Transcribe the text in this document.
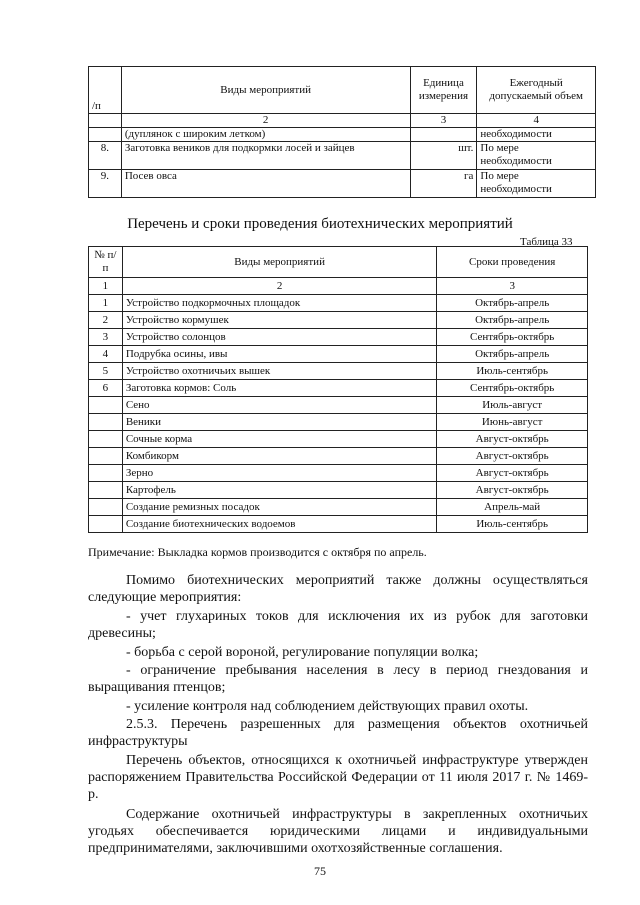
/п	Виды мероприятий	Единица измерения	Ежегодный допускаемый объем
	2	3	4
	(дуплянок с широким летком)		необходимости
8.	Заготовка веников для подкормки лосей и зайцев	шт.	По мере необходимости
9.	Посев овса	га	По мере необходимости
Перечень и сроки проведения биотехнических мероприятий
Таблица 33
№ п/п	Виды мероприятий	Сроки проведения
1	2	3
1	Устройство подкормочных площадок	Октябрь-апрель
2	Устройство кормушек	Октябрь-апрель
3	Устройство солонцов	Сентябрь-октябрь
4	Подрубка осины, ивы	Октябрь-апрель
5	Устройство охотничьих вышек	Июль-сентябрь
6	Заготовка кормов: Соль	Сентябрь-октябрь
	Сено	Июль-август
	Веники	Июнь-август
	Сочные корма	Август-октябрь
	Комбикорм	Август-октябрь
	Зерно	Август-октябрь
	Картофель	Август-октябрь
	Создание ремизных посадок	Апрель-май
	Создание биотехнических водоемов	Июль-сентябрь
Примечание: Выкладка кормов производится с октября по апрель.
Помимо биотехнических мероприятий также должны осуществляться следующие мероприятия:
- учет глухариных токов для исключения их из рубок для заготовки древесины;
- борьба с серой вороной, регулирование популяции волка;
- ограничение пребывания населения в лесу в период гнездования и выращивания птенцов;
- усиление контроля над соблюдением действующих правил охоты.
2.5.3. Перечень разрешенных для размещения объектов охотничьей инфраструктуры
Перечень объектов, относящихся к охотничьей инфраструктуре утвержден распоряжением Правительства Российской Федерации от 11 июля 2017 г. № 1469-р.
Содержание охотничьей инфраструктуры в закрепленных охотничьих угодьях обеспечивается юридическими лицами и индивидуальными предпринимателями, заключившими охотхозяйственные соглашения.
75
